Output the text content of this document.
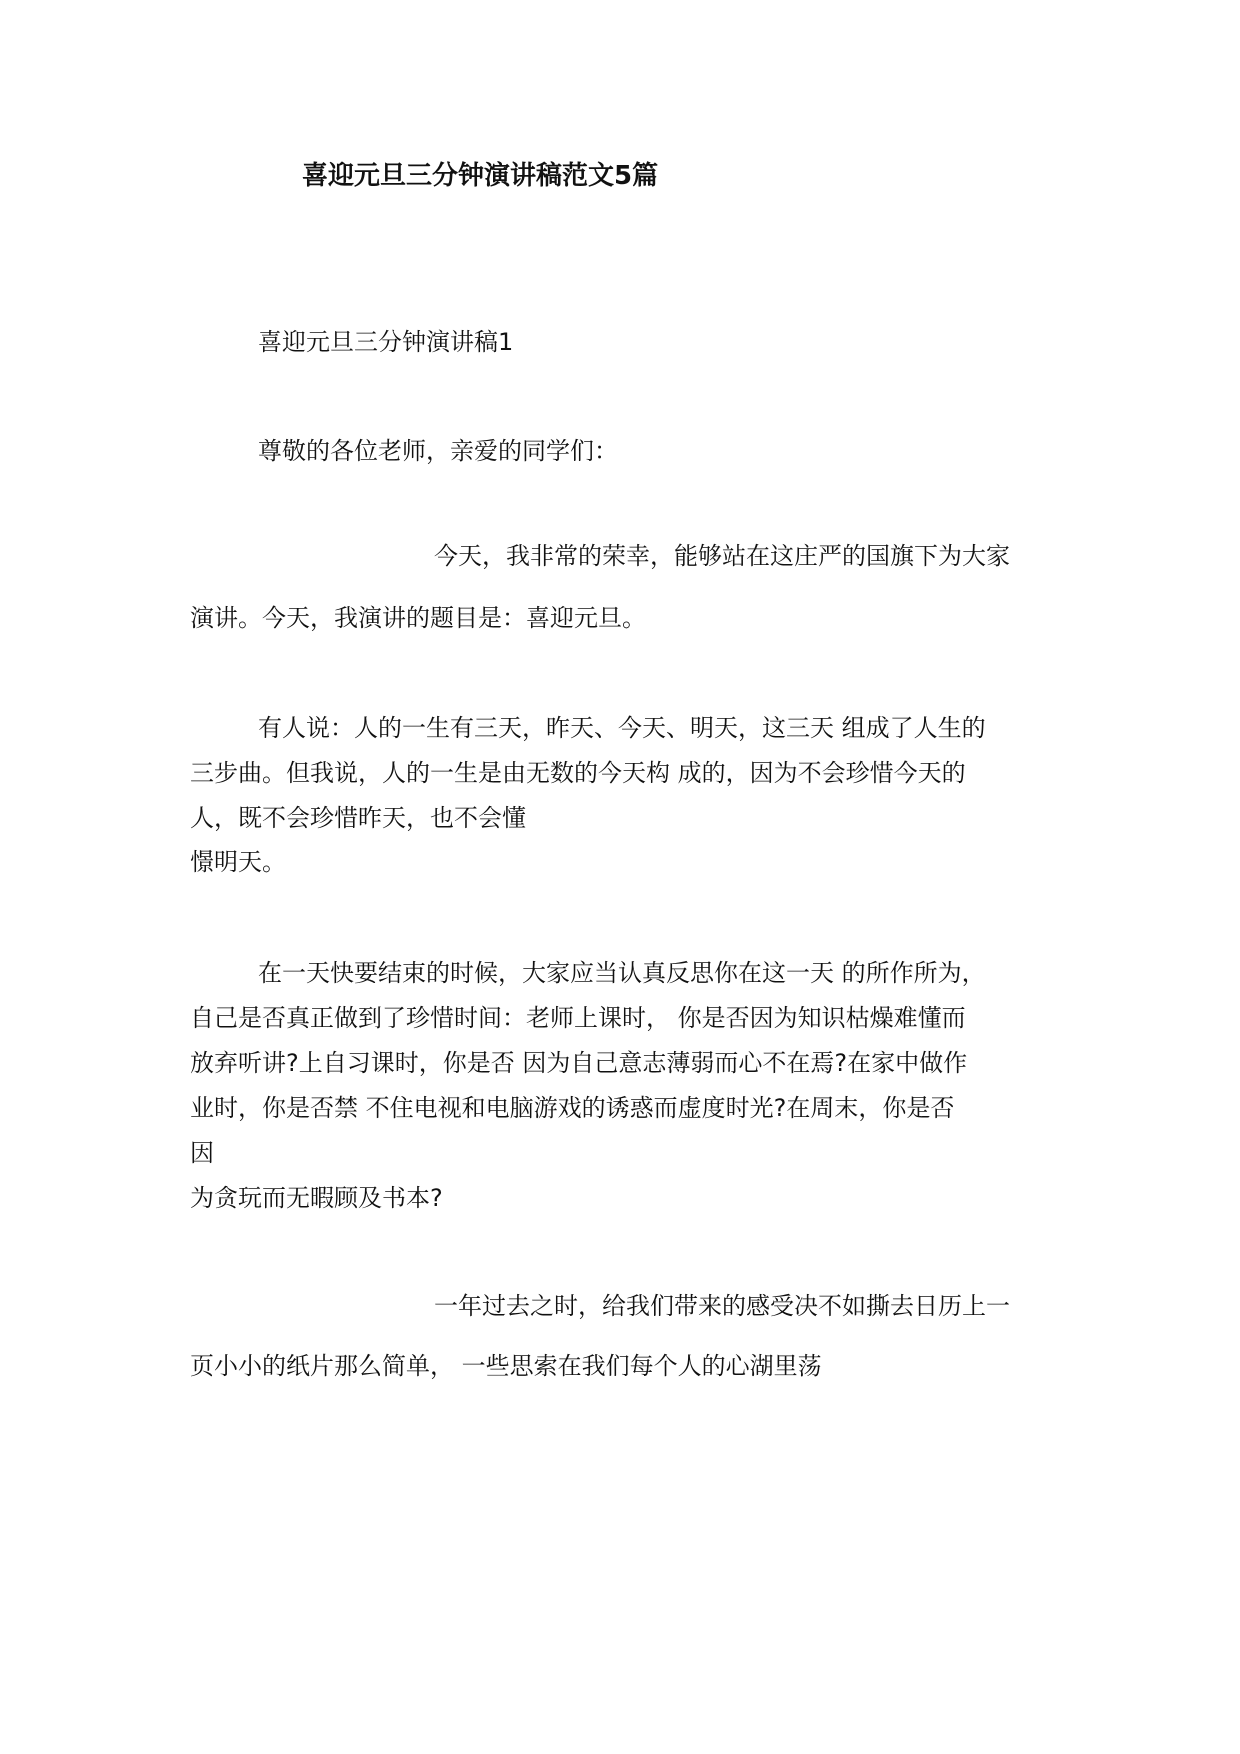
喜迎元旦三分钟演讲稿范文5篇

喜迎元旦三分钟演讲稿1

尊敬的各位老师，亲爱的同学们：

今天，我非常的荣幸，能够站在这庄严的国旗下为大家

演讲。今天，我演讲的题目是：喜迎元旦。

有人说：人的一生有三天，昨天、今天、明天，这三天 组成了人生的

三步曲。但我说，人的一生是由无数的今天构 成的，因为不会珍惜今天的

人，既不会珍惜昨天，也不会懂

憬明天。

在一天快要结束的时候，大家应当认真反思你在这一天 的所作所为，

自己是否真正做到了珍惜时间：老师上课时， 你是否因为知识枯燥难懂而

放弃听讲?上自习课时，你是否 因为自己意志薄弱而心不在焉?在家中做作

业时，你是否禁 不住电视和电脑游戏的诱惑而虚度时光?在周末，你是否

因

为贪玩而无暇顾及书本?

一年过去之时，给我们带来的感受决不如撕去日历上一

页小小的纸片那么简单， 一些思索在我们每个人的心湖里荡
